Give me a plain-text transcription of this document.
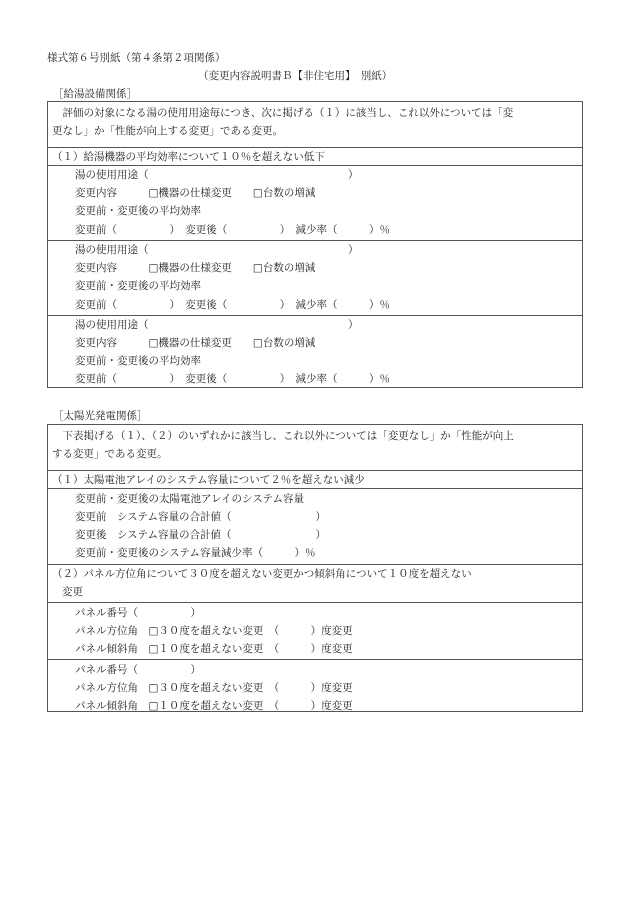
様式第６号別紙（第４条第２項関係）
（変更内容説明書Ｂ【非住宅用】　別紙）
［給湯設備関係］
　評価の対象になる湯の使用用途毎につき、次に掲げる（１）に該当し、これ以外については「変
更なし」か「性能が向上する変更」である変更。
（１）給湯機器の平均効率について１０％を超えない低下
湯の使用用途（　　　　　　　　　　　　　　　　　　　）
変更内容　　　□機器の仕様変更　　□台数の増減
変更前・変更後の平均効率
変更前（　　　　　）　変更後（　　　　　）　減少率（　　　）％
湯の使用用途（　　　　　　　　　　　　　　　　　　　）
変更内容　　　□機器の仕様変更　　□台数の増減
変更前・変更後の平均効率
変更前（　　　　　）　変更後（　　　　　）　減少率（　　　）％
湯の使用用途（　　　　　　　　　　　　　　　　　　　）
変更内容　　　□機器の仕様変更　　□台数の増減
変更前・変更後の平均効率
変更前（　　　　　）　変更後（　　　　　）　減少率（　　　）％
［太陽光発電関係］
　下表掲げる（１）、（２）のいずれかに該当し、これ以外については「変更なし」か「性能が向上
する変更」である変更。
（１）太陽電池アレイのシステム容量について２％を超えない減少
変更前・変更後の太陽電池アレイのシステム容量
変更前　システム容量の合計値（　　　　　　　　）
変更後　システム容量の合計値（　　　　　　　　）
変更前・変更後のシステム容量減少率（　　　）％
（２）パネル方位角について３０度を超えない変更かつ傾斜角について１０度を超えない
変更
パネル番号（　　　　　）
パネル方位角　□３０度を超えない変更　（　　　）度変更
パネル傾斜角　□１０度を超えない変更　（　　　）度変更
パネル番号（　　　　　）
パネル方位角　□３０度を超えない変更　（　　　）度変更
パネル傾斜角　□１０度を超えない変更　（　　　）度変更
